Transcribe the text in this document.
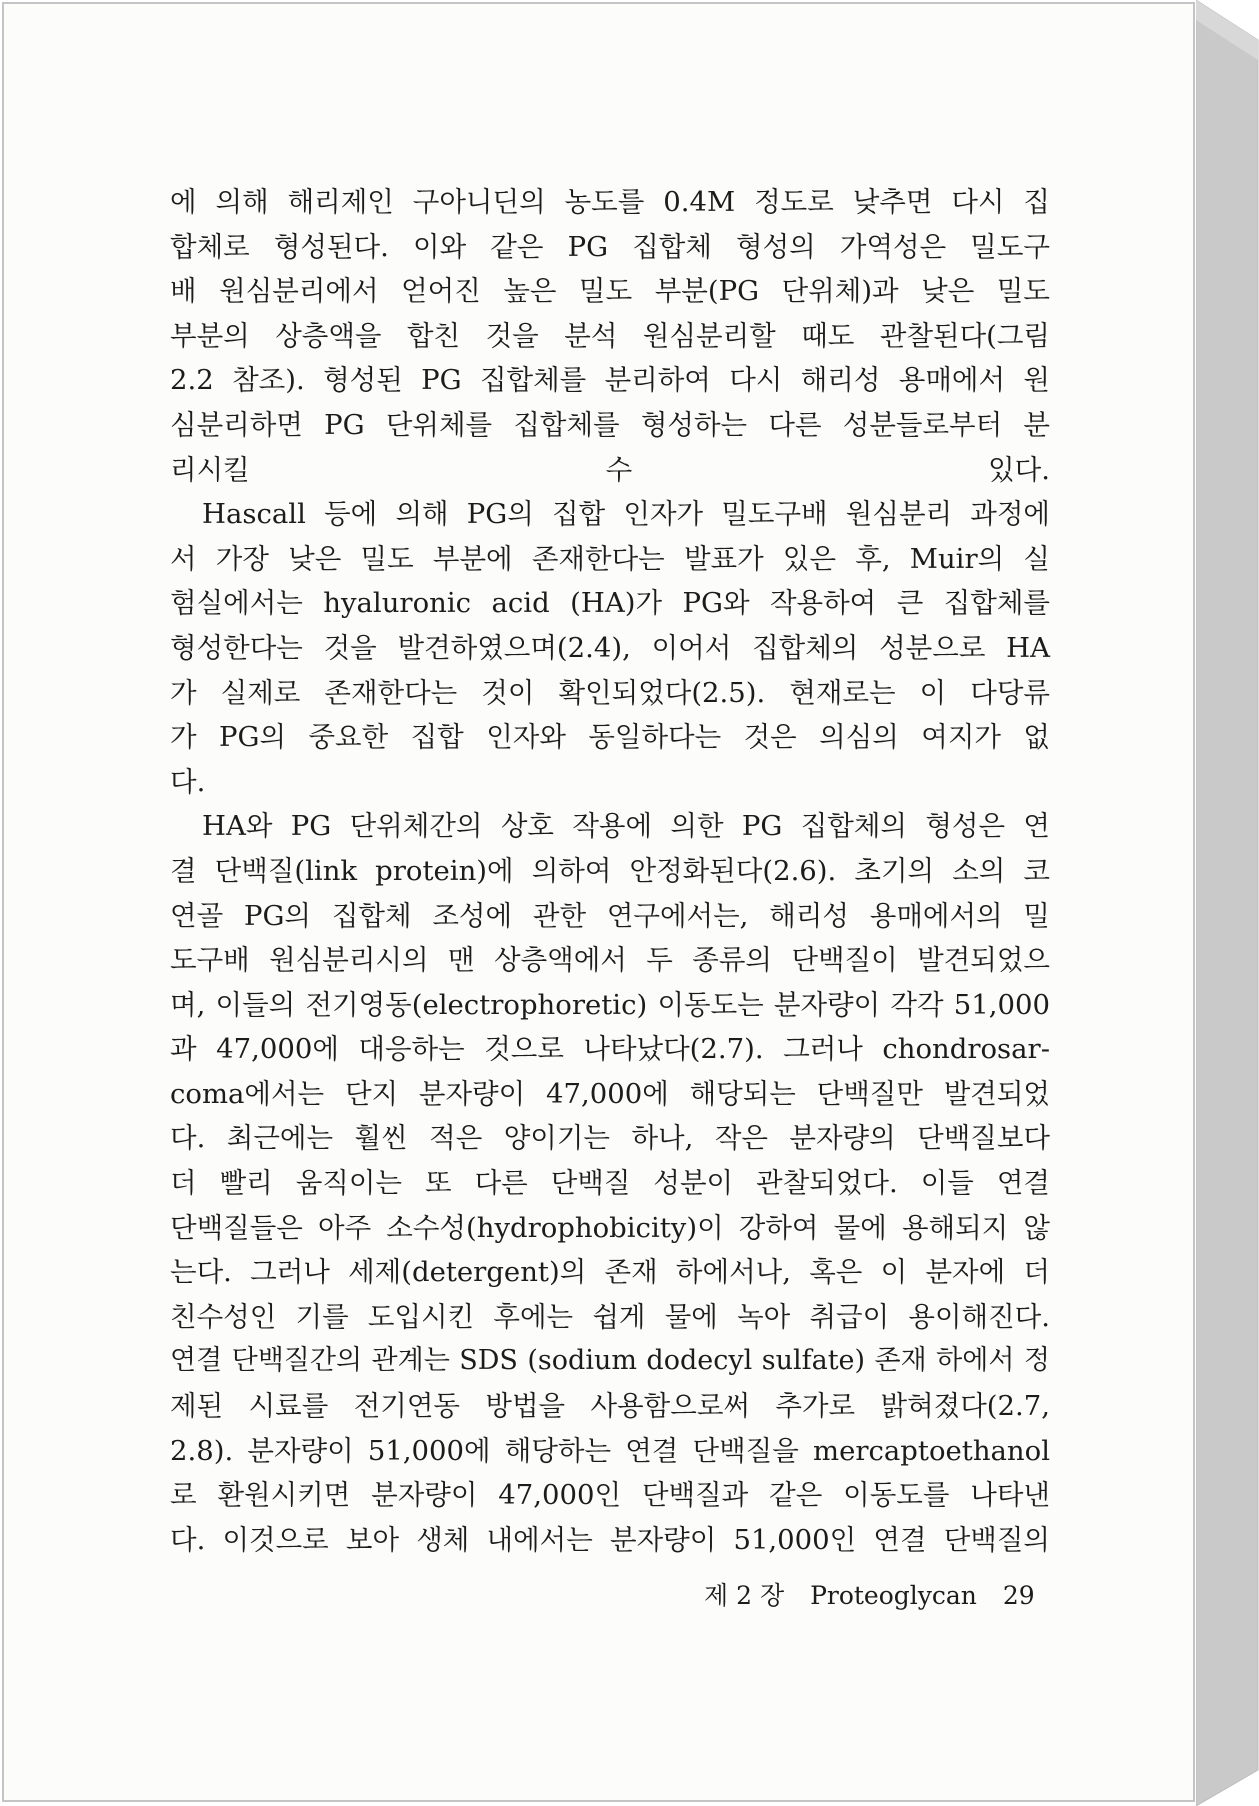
에 의해 해리제인 구아니딘의 농도를 0.4M 정도로 낮추면 다시 집
합체로 형성된다. 이와 같은 PG 집합체 형성의 가역성은 밀도구
배 원심분리에서 얻어진 높은 밀도 부분(PG 단위체)과 낮은 밀도
부분의 상층액을 합친 것을 분석 원심분리할 때도 관찰된다(그림
2.2 참조). 형성된 PG 집합체를 분리하여 다시 해리성 용매에서 원
심분리하면 PG 단위체를 집합체를 형성하는 다른 성분들로부터 분
리시킬 수 있다.

Hascall 등에 의해 PG의 집합 인자가 밀도구배 원심분리 과정에
서 가장 낮은 밀도 부분에 존재한다는 발표가 있은 후, Muir의 실
험실에서는 hyaluronic acid (HA)가 PG와 작용하여 큰 집합체를
형성한다는 것을 발견하였으며(2.4), 이어서 집합체의 성분으로 HA
가 실제로 존재한다는 것이 확인되었다(2.5). 현재로는 이 다당류
가 PG의 중요한 집합 인자와 동일하다는 것은 의심의 여지가 없
다.

HA와 PG 단위체간의 상호 작용에 의한 PG 집합체의 형성은 연
결 단백질(link protein)에 의하여 안정화된다(2.6). 초기의 소의 코
연골 PG의 집합체 조성에 관한 연구에서는, 해리성 용매에서의 밀
도구배 원심분리시의 맨 상층액에서 두 종류의 단백질이 발견되었으
며, 이들의 전기영동(electrophoretic) 이동도는 분자량이 각각 51,000
과 47,000에 대응하는 것으로 나타났다(2.7). 그러나 chondrosar-
coma에서는 단지 분자량이 47,000에 해당되는 단백질만 발견되었
다. 최근에는 훨씬 적은 양이기는 하나, 작은 분자량의 단백질보다
더 빨리 움직이는 또 다른 단백질 성분이 관찰되었다. 이들 연결
단백질들은 아주 소수성(hydrophobicity)이 강하여 물에 용해되지 않
는다. 그러나 세제(detergent)의 존재 하에서나, 혹은 이 분자에 더
친수성인 기를 도입시킨 후에는 쉽게 물에 녹아 취급이 용이해진다.
연결 단백질간의 관계는 SDS (sodium dodecyl sulfate) 존재 하에서 정
제된 시료를 전기연동 방법을 사용함으로써 추가로 밝혀졌다(2.7,
2.8). 분자량이 51,000에 해당하는 연결 단백질을 mercaptoethanol
로 환원시키면 분자량이 47,000인 단백질과 같은 이동도를 나타낸
다. 이것으로 보아 생체 내에서는 분자량이 51,000인 연결 단백질의

제 2 장 Proteoglycan 29
